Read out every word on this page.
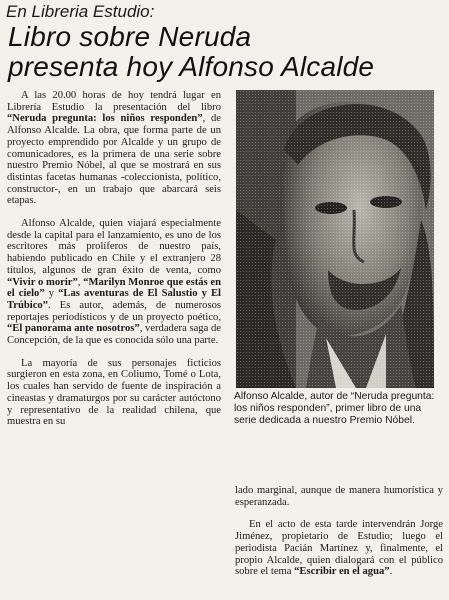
En Libreria Estudio:
Libro sobre Neruda
presenta hoy Alfonso Alcalde

A las 20.00 horas de hoy tendrá lugar en Librería Estudio la presentación del libro “Neruda pregunta: los niños responden”, de Alfonso Alcalde. La obra, que forma parte de un proyecto emprendido por Alcalde y un grupo de comunicadores, es la primera de una serie sobre nuestro Premio Nóbel, al que se mostrará en sus distintas facetas humanas -coleccionista, político, constructor-, en un trabajo que abarcará seis etapas.

Alfonso Alcalde, quien viajará especialmente desde la capital para el lanzamiento, es uno de los escritores más prolíferos de nuestro país, habiendo publicado en Chile y el extranjero 28 títulos, algunos de gran éxito de venta, como “Vivir o morir”, “Marilyn Monroe que estás en el cielo” y “Las aventuras de El Salustio y El Trúbico”. Es autor, además, de numerosos reportajes periodísticos y de un proyecto poético, “El panorama ante nosotros”, verdadera saga de Concepción, de la que es conocida sólo una parte.

La mayoría de sus personajes ficticios surgieron en esta zona, en Coliumo, Tomé o Lota, los cuales han servido de fuente de inspiración a cineastas y dramaturgos por su carácter autóctono y representativo de la realidad chilena, que muestra en su

Alfonso Alcalde, autor de “Neruda pregunta: los niños responden”, primer libro de una serie dedicada a nuestro Premio Nóbel.

lado marginal, aunque de manera humorística y esperanzada.

En el acto de esta tarde intervendrán Jorge Jiménez, propietario de Estudio; luego el periodista Pacián Martínez y, finalmente, el propio Alcalde, quien dialogará con el público sobre el tema “Escribir en el agua”.
